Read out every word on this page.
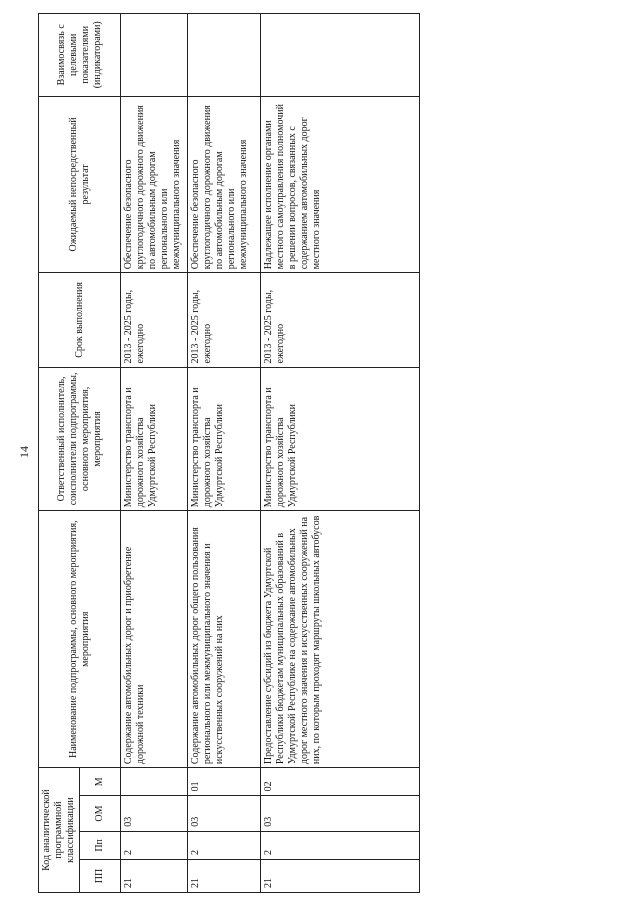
14
Код аналитической программной классификации				Наименование подпрограммы, основного мероприятия, мероприятия	Ответственный исполнитель, соисполнители подпрограммы, основного мероприятия, мероприятия	Срок выполнения	Ожидаемый непосредственный результат	Взаимосвязь с целевыми показателями (индикаторами)
ПП	Пп	ОМ	М					
21	2	03		Содержание автомобильных дорог и приобретение дорожной техники	Министерство транспорта и дорожного хозяйства Удмуртской Республики	2013 - 2025 годы, ежегодно	Обеспечение безопасного круглогодичного дорожного движения по автомобильным дорогам регионального или межмуниципального значения	
21	2	03	01	Содержание автомобильных дорог общего пользования регионального или межмуниципального значения и искусственных сооружений на них	Министерство транспорта и дорожного хозяйства Удмуртской Республики	2013 - 2025 годы, ежегодно	Обеспечение безопасного круглогодичного дорожного движения по автомобильным дорогам регионального или межмуниципального значения	
21	2	03	02	Предоставление субсидий из бюджета Удмуртской Республики бюджетам муниципальных образований в Удмуртской Республике на содержание автомобильных дорог местного значения и искусственных сооружений на них, по которым проходят маршруты школьных автобусов	Министерство транспорта и дорожного хозяйства Удмуртской Республики	2013 - 2025 годы, ежегодно	Надлежащее исполнение органами местного самоуправления полномочий в решении вопросов, связанных с содержанием автомобильных дорог местного значения	
